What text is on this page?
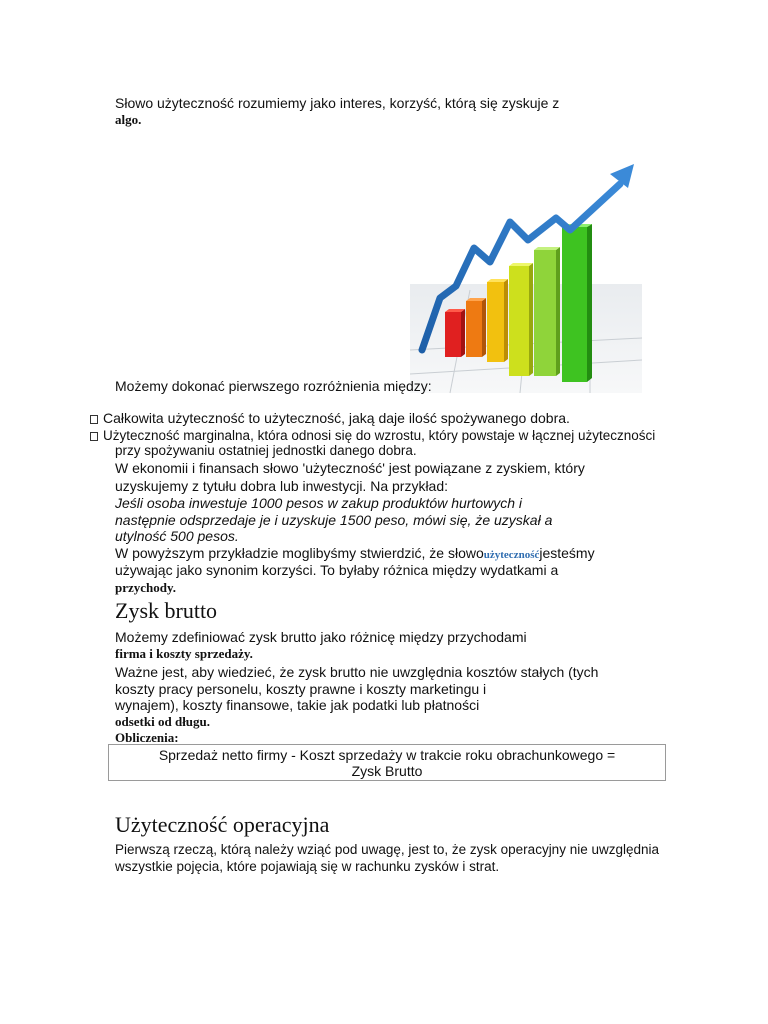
Słowo użyteczność rozumiemy jako interes, korzyść, którą się zyskuje z
algo.
Możemy dokonać pierwszego rozróżnienia między:
Całkowita użyteczność to użyteczność, jaką daje ilość spożywanego dobra.
Użyteczność marginalna, która odnosi się do wzrostu, który powstaje w łącznej użyteczności
przy spożywaniu ostatniej jednostki danego dobra.
W ekonomii i finansach słowo 'użyteczność' jest powiązane z zyskiem, który
uzyskujemy z tytułu dobra lub inwestycji. Na przykład:
Jeśli osoba inwestuje 1000 pesos w zakup produktów hurtowych i
następnie odsprzedaje je i uzyskuje 1500 peso, mówi się, że uzyskał a
utylność 500 pesos.
W powyższym przykładzie moglibyśmy stwierdzić, że słowoużytecznośćjesteśmy
używając jako synonim korzyści. To byłaby różnica między wydatkami a
przychody.
Zysk brutto
Możemy zdefiniować zysk brutto jako różnicę między przychodami
firma i koszty sprzedaży.
Ważne jest, aby wiedzieć, że zysk brutto nie uwzględnia kosztów stałych (tych
koszty pracy personelu, koszty prawne i koszty marketingu i
wynajem), koszty finansowe, takie jak podatki lub płatności
odsetki od długu.
Obliczenia:
Sprzedaż netto firmy - Koszt sprzedaży w trakcie roku obrachunkowego =
Zysk Brutto
Użyteczność operacyjna
Pierwszą rzeczą, którą należy wziąć pod uwagę, jest to, że zysk operacyjny nie uwzględnia
wszystkie pojęcia, które pojawiają się w rachunku zysków i strat.
